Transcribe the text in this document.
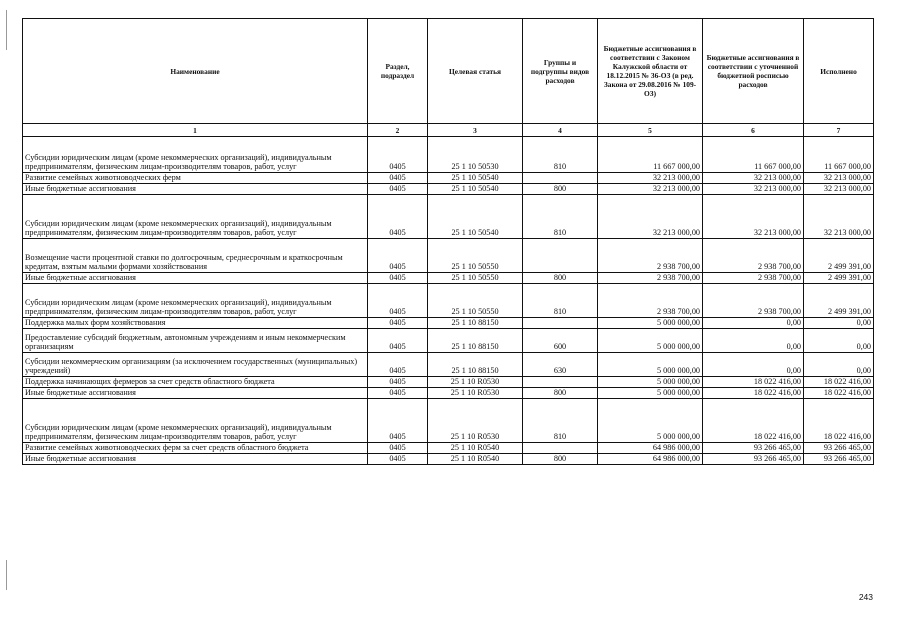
Наименование	Раздел, подраздел	Целевая статья	Группы и подгруппы видов расходов	Бюджетные ассигнования в соответствии с Законом Калужской области от 18.12.2015 № 36-ОЗ (в ред. Закона от 29.08.2016 № 109-ОЗ)	Бюджетные ассигнования в соответствии с уточненной бюджетной росписью расходов	Исполнено
1	2	3	4	5	6	7
Субсидии юридическим лицам (кроме некоммерческих организаций), индивидуальным предпринимателям, физическим лицам-производителям товаров, работ, услуг	0405	25 1 10 50530	810	11 667 000,00	11 667 000,00	11 667 000,00
Развитие семейных животноводческих ферм	0405	25 1 10 50540		32 213 000,00	32 213 000,00	32 213 000,00
Иные бюджетные ассигнования	0405	25 1 10 50540	800	32 213 000,00	32 213 000,00	32 213 000,00
Субсидии юридическим лицам (кроме некоммерческих организаций), индивидуальным предпринимателям, физическим лицам-производителям товаров, работ, услуг	0405	25 1 10 50540	810	32 213 000,00	32 213 000,00	32 213 000,00
Возмещение части процентной ставки по долгосрочным, среднесрочным и краткосрочным кредитам, взятым малыми формами хозяйствования	0405	25 1 10 50550		2 938 700,00	2 938 700,00	2 499 391,00
Иные бюджетные ассигнования	0405	25 1 10 50550	800	2 938 700,00	2 938 700,00	2 499 391,00
Субсидии юридическим лицам (кроме некоммерческих организаций), индивидуальным предпринимателям, физическим лицам-производителям товаров, работ, услуг	0405	25 1 10 50550	810	2 938 700,00	2 938 700,00	2 499 391,00
Поддержка малых форм хозяйствования	0405	25 1 10 88150		5 000 000,00	0,00	0,00
Предоставление субсидий бюджетным, автономным учреждениям и иным некоммерческим организациям	0405	25 1 10 88150	600	5 000 000,00	0,00	0,00
Субсидии некоммерческим организациям (за исключением государственных (муниципальных) учреждений)	0405	25 1 10 88150	630	5 000 000,00	0,00	0,00
Поддержка начинающих фермеров за счет средств областного бюджета	0405	25 1 10 R0530		5 000 000,00	18 022 416,00	18 022 416,00
Иные бюджетные ассигнования	0405	25 1 10 R0530	800	5 000 000,00	18 022 416,00	18 022 416,00
Субсидии юридическим лицам (кроме некоммерческих организаций), индивидуальным предпринимателям, физическим лицам-производителям товаров, работ, услуг	0405	25 1 10 R0530	810	5 000 000,00	18 022 416,00	18 022 416,00
Развитие семейных животноводческих ферм за счет средств областного бюджета	0405	25 1 10 R0540		64 986 000,00	93 266 465,00	93 266 465,00
Иные бюджетные ассигнования	0405	25 1 10 R0540	800	64 986 000,00	93 266 465,00	93 266 465,00
243
